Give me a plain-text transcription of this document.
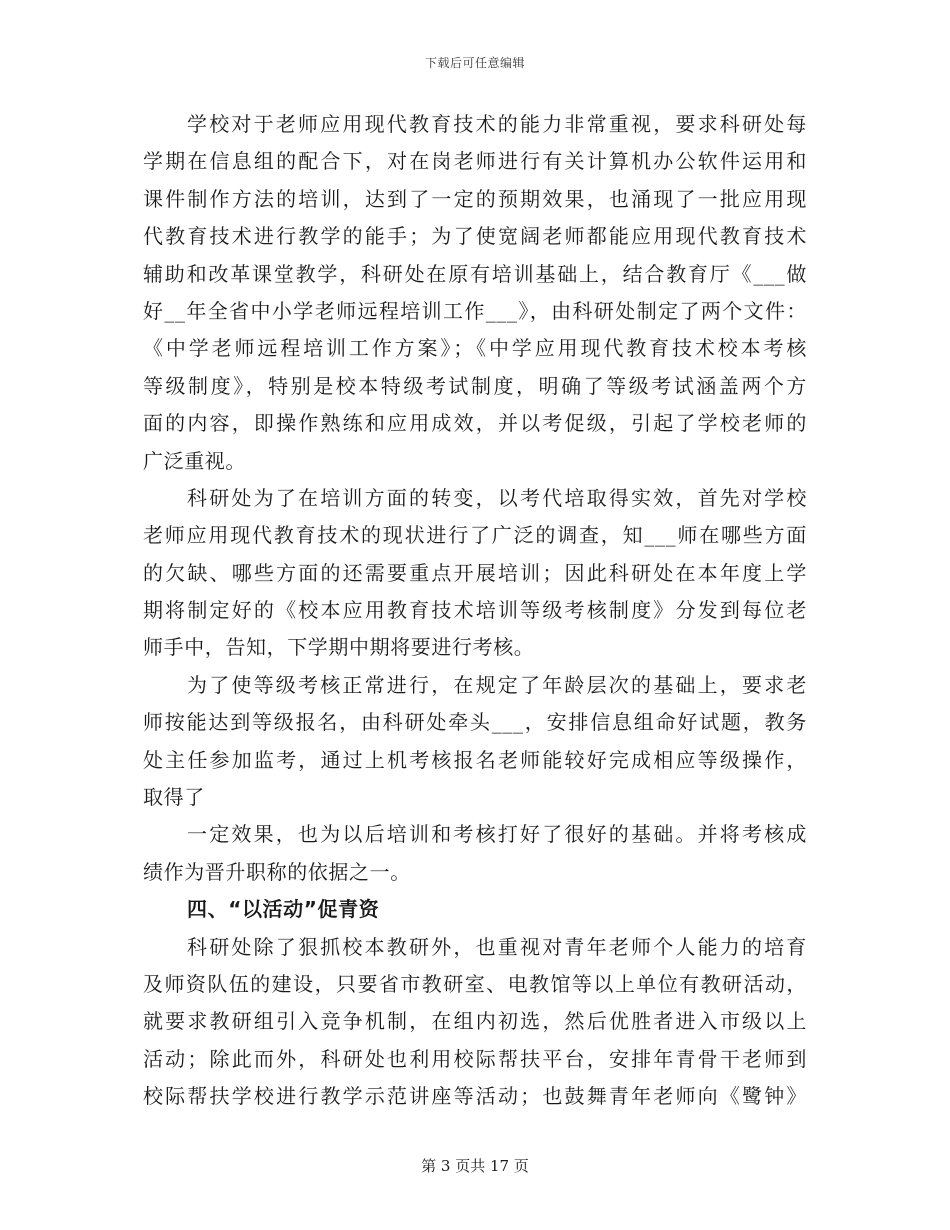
下载后可任意编辑
学校对于老师应用现代教育技术的能力非常重视，要求科研处每
学期在信息组的配合下，对在岗老师进行有关计算机办公软件运用和
课件制作方法的培训，达到了一定的预期效果，也涌现了一批应用现
代教育技术进行教学的能手；为了使宽阔老师都能应用现代教育技术
辅助和改革课堂教学，科研处在原有培训基础上，结合教育厅《___做
好__年全省中小学老师远程培训工作___》，由科研处制定了两个文件：
《中学老师远程培训工作方案》；《中学应用现代教育技术校本考核
等级制度》，特别是校本特级考试制度，明确了等级考试涵盖两个方
面的内容，即操作熟练和应用成效，并以考促级，引起了学校老师的
广泛重视。
科研处为了在培训方面的转变，以考代培取得实效，首先对学校
老师应用现代教育技术的现状进行了广泛的调查，知___师在哪些方面
的欠缺、哪些方面的还需要重点开展培训；因此科研处在本年度上学
期将制定好的《校本应用教育技术培训等级考核制度》分发到每位老
师手中，告知，下学期中期将要进行考核。
为了使等级考核正常进行，在规定了年龄层次的基础上，要求老
师按能达到等级报名，由科研处牵头___，安排信息组命好试题，教务
处主任参加监考，通过上机考核报名老师能较好完成相应等级操作，
取得了
一定效果，也为以后培训和考核打好了很好的基础。并将考核成
绩作为晋升职称的依据之一。
四、“以活动”促青资
科研处除了狠抓校本教研外，也重视对青年老师个人能力的培育
及师资队伍的建设，只要省市教研室、电教馆等以上单位有教研活动，
就要求教研组引入竞争机制，在组内初选，然后优胜者进入市级以上
活动；除此而外，科研处也利用校际帮扶平台，安排年青骨干老师到
校际帮扶学校进行教学示范讲座等活动；也鼓舞青年老师向《鹭钟》
第 3 页共 17 页
